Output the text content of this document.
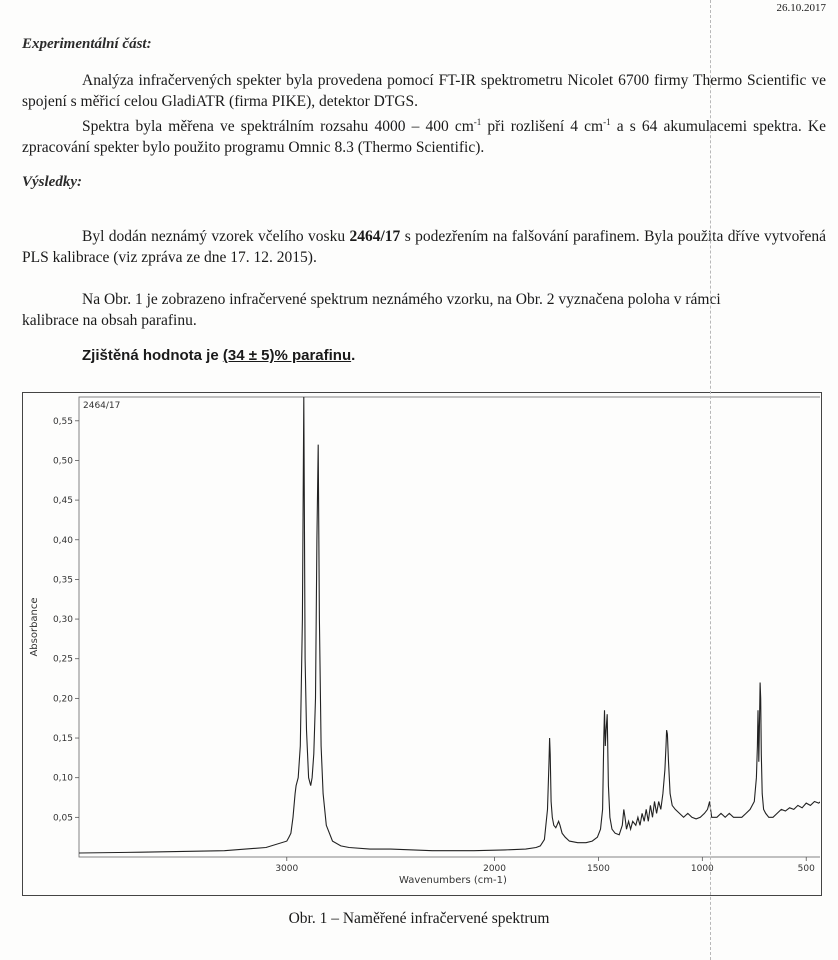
26.10.2017
Experimentální část:
Analýza infračervených spekter byla provedena pomocí FT-IR spektrometru Nicolet 6700 firmy Thermo Scientific ve spojení s měřicí celou GladiATR (firma PIKE), detektor DTGS.
Spektra byla měřena ve spektrálním rozsahu 4000 – 400 $cm^{-1}$ při rozlišení 4 $cm^{-1}$ a s 64 akumulacemi spektra. Ke zpracování spekter bylo použito programu Omnic 8.3 (Thermo Scientific).
Výsledky:
Byl dodán neznámý vzorek včelího vosku 2464/17 s podezřením na falšování parafinem. Byla použita dříve vytvořená PLS kalibrace (viz zpráva ze dne 17. 12. 2015).
Na Obr. 1 je zobrazeno infračervené spektrum neznámého vzorku, na Obr. 2 vyznačena poloha v rámci kalibrace na obsah parafinu.
Zjištěná hodnota je (34 ± 5)% parafinu.
2464/17
Absorbance
Wavenumbers (cm-1)
0,05
0,10
0,15
0,20
0,25
0,30
0,35
0,40
0,45
0,50
0,55
3000	2000	1500	1000	500
Obr. 1 – Naměřené infračervené spektrum
